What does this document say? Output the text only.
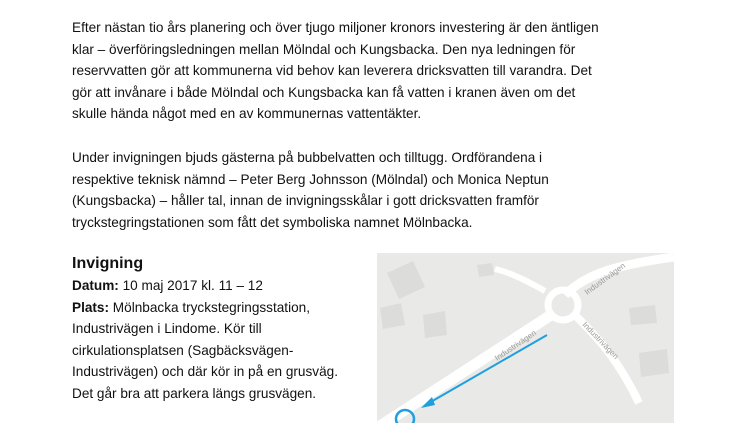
Efter nästan tio års planering och över tjugo miljoner kronors investering är den äntligen
klar – överföringsledningen mellan Mölndal och Kungsbacka. Den nya ledningen för
reservvatten gör att kommunerna vid behov kan leverera dricksvatten till varandra. Det
gör att invånare i både Mölndal och Kungsbacka kan få vatten i kranen även om det
skulle hända något med en av kommunernas vattentäkter.
Under invigningen bjuds gästerna på bubbelvatten och tilltugg. Ordförandena i
respektive teknisk nämnd – Peter Berg Johnsson (Mölndal) och Monica Neptun
(Kungsbacka) – håller tal, innan de invigningsskålar i gott dricksvatten framför
tryckstegringstationen som fått det symboliska namnet Mölnbacka.
Invigning

Datum: 10 maj 2017 kl. 11 – 12

Plats: Mölnbacka tryckstegringsstation,

Industrivägen i Lindome. Kör till

cirkulationsplatsen (Sagbäcksvägen-

Industrivägen) och där kör in på en grusväg.

Det går bra att parkera längs grusvägen.

Industrivägen
Industrivägen	Industrivägen
